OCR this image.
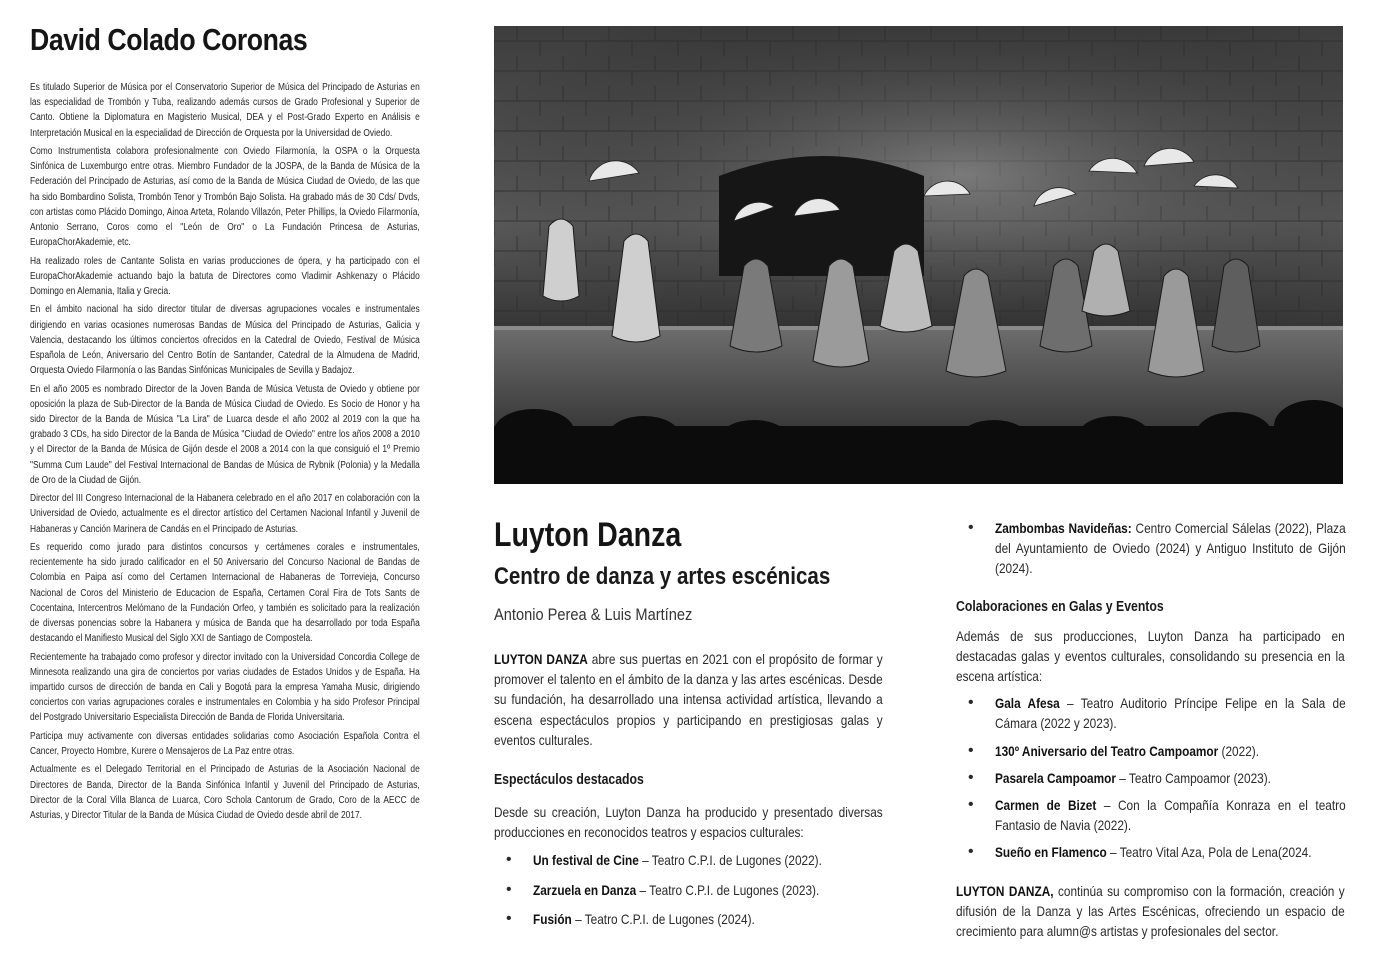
David Colado Coronas

Es titulado Superior de Música por el Conservatorio Superior de Música del Principado de Asturias en las especialidad de Trombón y Tuba, realizando además cursos de Grado Profesional y Superior de Canto. Obtiene la Diplomatura en Magisterio Musical, DEA y el Post-Grado Experto en Análisis e Interpretación Musical en la especialidad de Dirección de Orquesta por la Universidad de Oviedo.

Como Instrumentista colabora profesionalmente con Oviedo Filarmonía, la OSPA o la Orquesta Sinfónica de Luxemburgo entre otras. Miembro Fundador de la JOSPA, de la Banda de Música de la Federación del Principado de Asturias, así como de la Banda de Música Ciudad de Oviedo, de las que ha sido Bombardino Solista, Trombón Tenor y Trombón Bajo Solista. Ha grabado más de 30 Cds/ Dvds, con artistas como Plácido Domingo, Ainoa Arteta, Rolando Villazón, Peter Phillips, la Oviedo Filarmonía, Antonio Serrano, Coros como el "León de Oro" o La Fundación Princesa de Asturias, EuropaChorAkademie, etc.

Ha realizado roles de Cantante Solista en varias producciones de ópera, y ha participado con el EuropaChorAkademie actuando bajo la batuta de Directores como Vladimir Ashkenazy o Plácido Domingo en Alemania, Italia y Grecia.

En el ámbito nacional ha sido director titular de diversas agrupaciones vocales e instrumentales dirigiendo en varias ocasiones numerosas Bandas de Música del Principado de Asturias, Galicia y Valencia, destacando los últimos conciertos ofrecidos en la Catedral de Oviedo, Festival de Música Española de León, Aniversario del Centro Botín de Santander, Catedral de la Almudena de Madrid, Orquesta Oviedo Filarmonía o las Bandas Sinfónicas Municipales de Sevilla y Badajoz.

En el año 2005 es nombrado Director de la Joven Banda de Música Vetusta de Oviedo y obtiene por oposición la plaza de Sub-Director de la Banda de Música Ciudad de Oviedo. Es Socio de Honor y ha sido Director de la Banda de Música "La Lira" de Luarca desde el año 2002 al 2019 con la que ha grabado 3 CDs, ha sido Director de la Banda de Música "Ciudad de Oviedo" entre los años 2008 a 2010 y el Director de la Banda de Música de Gijón desde el 2008 a 2014 con la que consiguió el 1º Premio "Summa Cum Laude" del Festival Internacional de Bandas de Música de Rybnik (Polonia) y la Medalla de Oro de la Ciudad de Gijón.

Director del III Congreso Internacional de la Habanera celebrado en el año 2017 en colaboración con la Universidad de Oviedo, actualmente es el director artístico del Certamen Nacional Infantil y Juvenil de Habaneras y Canción Marinera de Candás en el Principado de Asturias.

Es requerido como jurado para distintos concursos y certámenes corales e instrumentales, recientemente ha sido jurado calificador en el 50 Aniversario del Concurso Nacional de Bandas de Colombia en Paipa así como del Certamen Internacional de Habaneras de Torrevieja, Concurso Nacional de Coros del Ministerio de Educacion de España, Certamen Coral Fira de Tots Sants de Cocentaina, Intercentros Melómano de la Fundación Orfeo, y también es solicitado para la realización de diversas ponencias sobre la Habanera y música de Banda que ha desarrollado por toda España destacando el Manifiesto Musical del Siglo XXI de Santiago de Compostela.

Recientemente ha trabajado como profesor y director invitado con la Universidad Concordia College de Minnesota realizando una gira de conciertos por varias ciudades de Estados Unidos y de España. Ha impartido cursos de dirección de banda en Cali y Bogotá para la empresa Yamaha Music, dirigiendo conciertos con varias agrupaciones corales e instrumentales en Colombia y ha sido Profesor Principal del Postgrado Universitario Especialista Dirección de Banda de Florida Universitaria.

Participa muy activamente con diversas entidades solidarias como Asociación Española Contra el Cancer, Proyecto Hombre, Kurere o Mensajeros de La Paz entre otras.

Actualmente es el Delegado Territorial en el Principado de Asturias de la Asociación Nacional de Directores de Banda, Director de la Banda Sinfónica Infantil y Juvenil del Principado de Asturias, Director de la Coral Villa Blanca de Luarca, Coro Schola Cantorum de Grado, Coro de la AECC de Asturias, y Director Titular de la Banda de Música Ciudad de Oviedo desde abril de 2017.

Luyton Danza
Centro de danza y artes escénicas
Antonio Perea & Luis Martínez
LUYTON DANZA abre sus puertas en 2021 con el propósito de formar y promover el talento en el ámbito de la danza y las artes escénicas. Desde su fundación, ha desarrollado una intensa actividad artística, llevando a escena espectáculos propios y participando en prestigiosas galas y eventos culturales.
Espectáculos destacados
Desde su creación, Luyton Danza ha producido y presentado diversas producciones en reconocidos teatros y espacios culturales:
• Un festival de Cine – Teatro C.P.I. de Lugones (2022).
• Zarzuela en Danza – Teatro C.P.I. de Lugones (2023).
• Fusión – Teatro C.P.I. de Lugones (2024).
• Zambombas Navideñas: Centro Comercial Sálelas (2022), Plaza del Ayuntamiento de Oviedo (2024) y Antiguo Instituto de Gijón (2024).
Colaboraciones en Galas y Eventos
Además de sus producciones, Luyton Danza ha participado en destacadas galas y eventos culturales, consolidando su presencia en la escena artística:
• Gala Afesa – Teatro Auditorio Príncipe Felipe en la Sala de Cámara (2022 y 2023).
• 130º Aniversario del Teatro Campoamor (2022).
• Pasarela Campoamor – Teatro Campoamor (2023).
• Carmen de Bizet – Con la Compañía Konraza en el teatro Fantasio de Navia (2022).
• Sueño en Flamenco – Teatro Vital Aza, Pola de Lena(2024.
LUYTON DANZA, continúa su compromiso con la formación, creación y difusión de la Danza y las Artes Escénicas, ofreciendo un espacio de crecimiento para alumn@s artistas y profesionales del sector.
